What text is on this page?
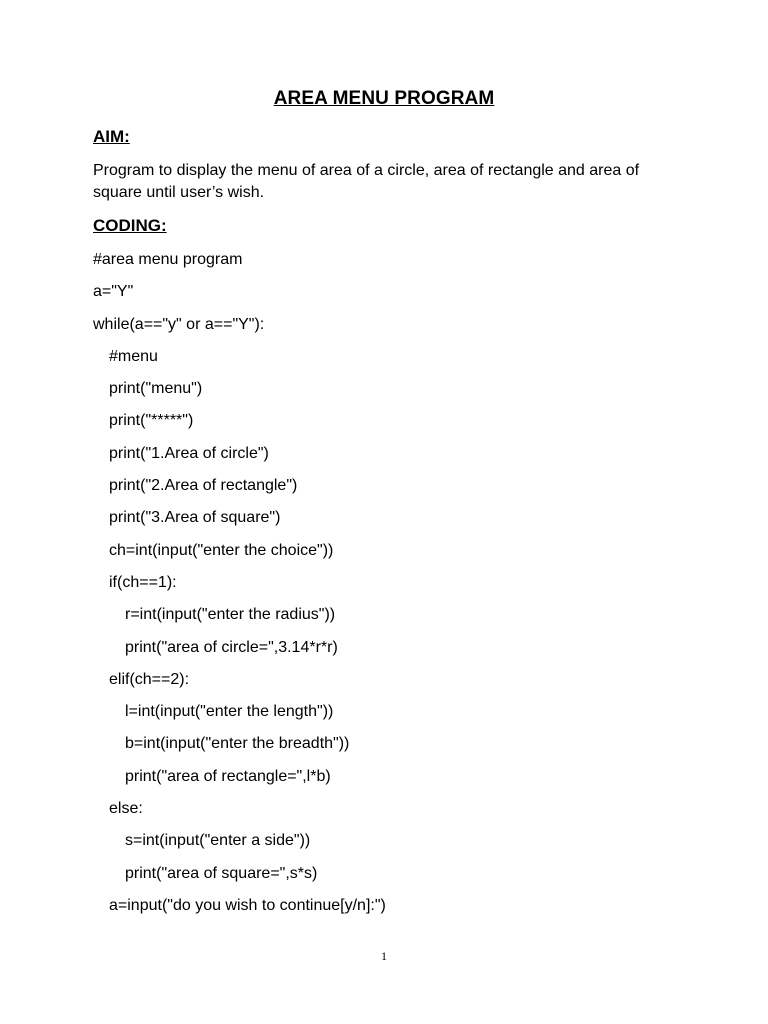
AREA MENU PROGRAM
AIM:
Program to display the menu of area of a circle, area of rectangle and area of square until user’s wish.
CODING:
#area menu program
a="Y"
while(a=="y" or a=="Y"):
#menu
print("menu")
print("*****")
print("1.Area of circle")
print("2.Area of rectangle")
print("3.Area of square")
ch=int(input("enter the choice"))
if(ch==1):
r=int(input("enter the radius"))
print("area of circle=",3.14*r*r)
elif(ch==2):
l=int(input("enter the length"))
b=int(input("enter the breadth"))
print("area of rectangle=",l*b)
else:
s=int(input("enter a side"))
print("area of square=",s*s)
a=input("do you wish to continue[y/n]:")
1
